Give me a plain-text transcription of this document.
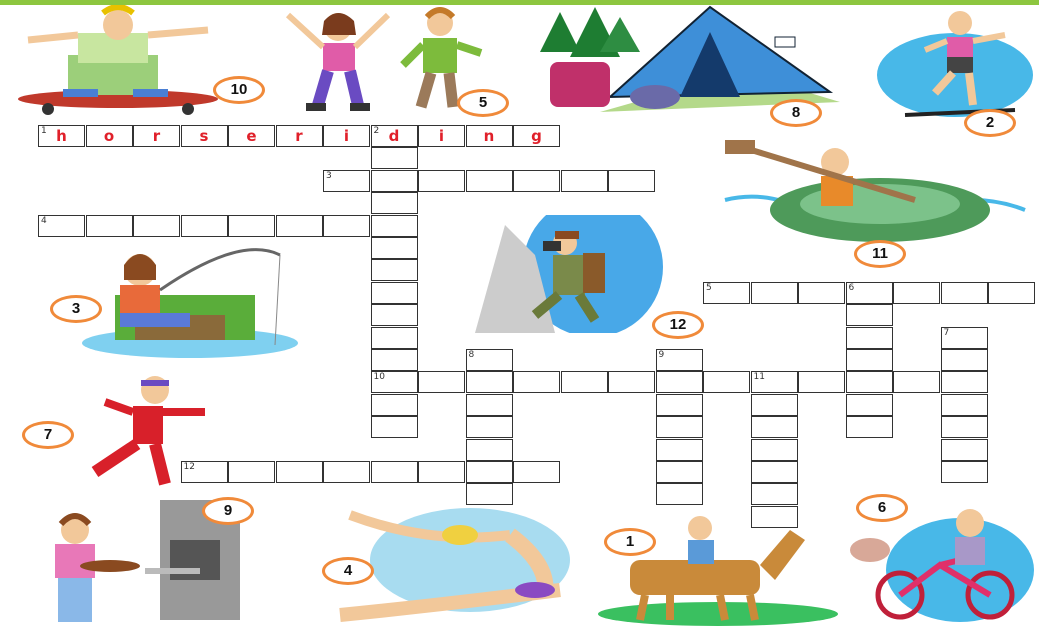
1	2
3
4
5	6
7
8	9
10	11
12
h	o	r	s	e	r	i	d	i	n	g
10
5
8
2
11
3
12
7
9
4
1
6
